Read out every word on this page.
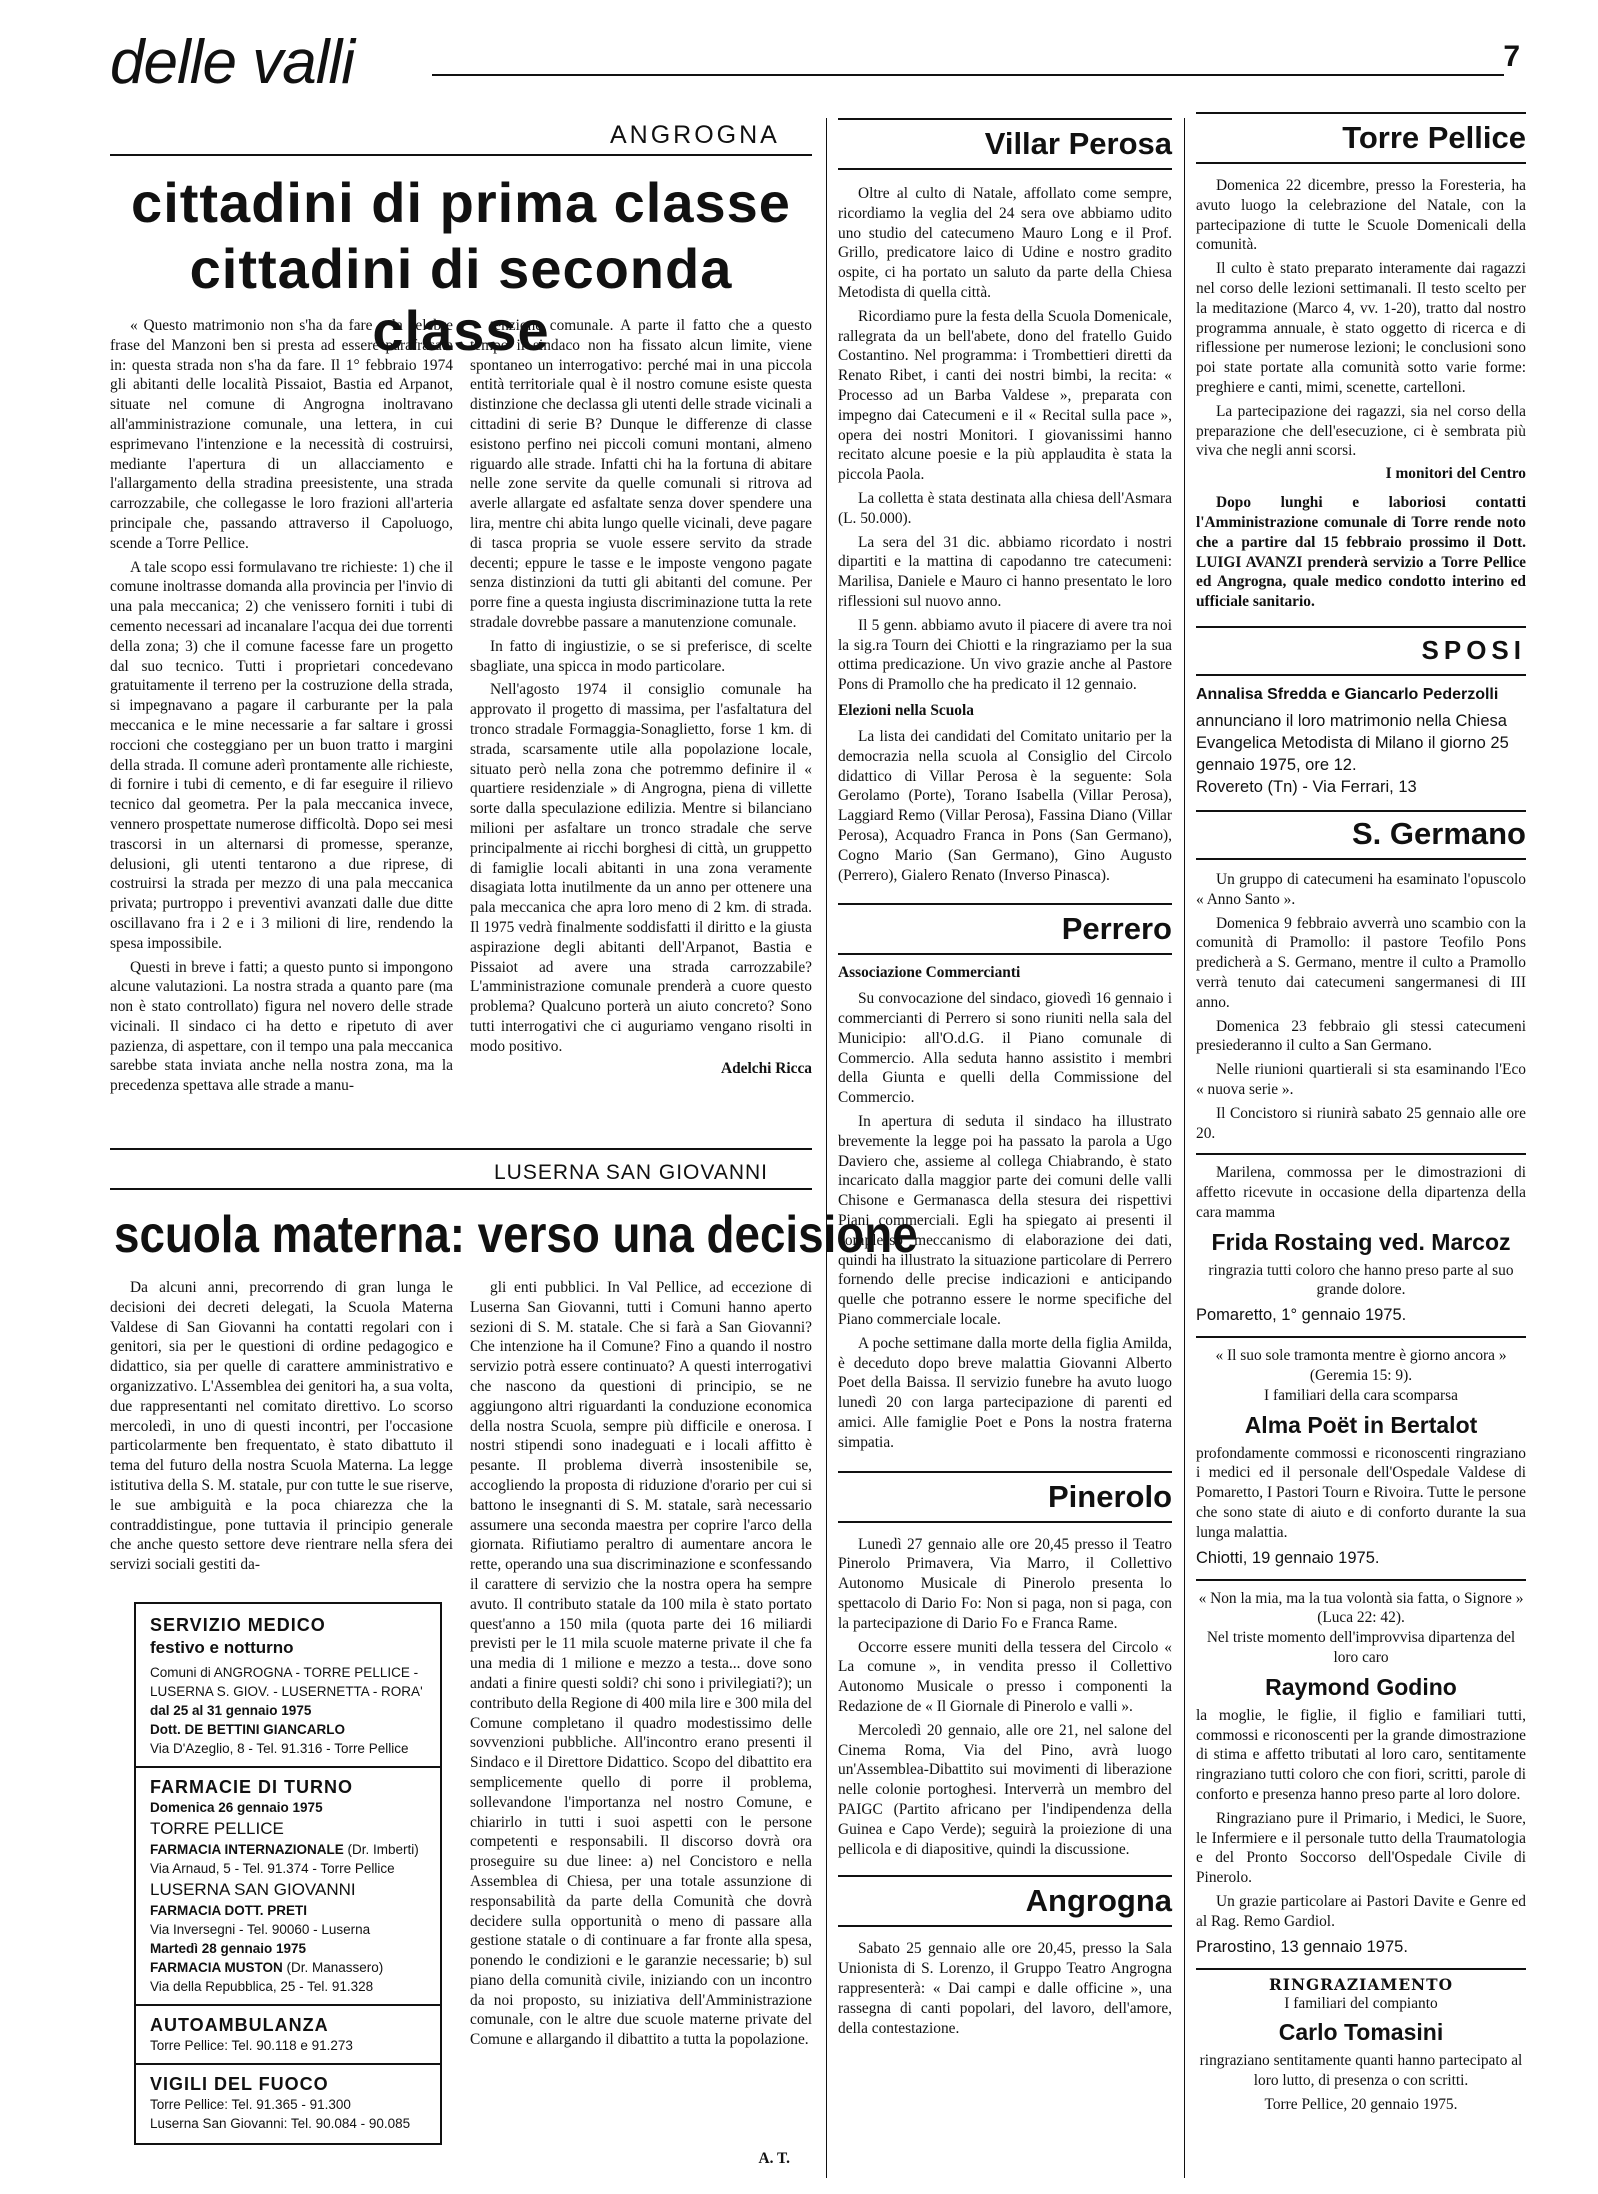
delle valli	7
ANGROGNA
cittadini di prima classe
cittadini di seconda classe

« Questo matrimonio non s'ha da fare » la celebre frase del Manzoni ben si presta ad essere parafrasata in: questa strada non s'ha da fare. Il 1° febbraio 1974 gli abitanti delle località Pissaiot, Bastia ed Arpanot, situate nel comune di Angrogna inoltravano all'amministrazione comunale, una lettera, in cui esprimevano l'intenzione e la necessità di costruirsi, mediante l'apertura di un allacciamento e l'allargamento della stradina preesistente, una strada carrozzabile, che collegasse le loro frazioni all'arteria principale che, passando attraverso il Capoluogo, scende a Torre Pellice.

A tale scopo essi formulavano tre richieste: 1) che il comune inoltrasse domanda alla provincia per l'invio di una pala meccanica; 2) che venissero forniti i tubi di cemento necessari ad incanalare l'acqua dei due torrenti della zona; 3) che il comune facesse fare un progetto dal suo tecnico. Tutti i proprietari concedevano gratuitamente il terreno per la costruzione della strada, si impegnavano a pagare il carburante per la pala meccanica e le mine necessarie a far saltare i grossi roccioni che costeggiano per un buon tratto i margini della strada. Il comune aderì prontamente alle richieste, di fornire i tubi di cemento, e di far eseguire il rilievo tecnico dal geometra. Per la pala meccanica invece, vennero prospettate numerose difficoltà. Dopo sei mesi trascorsi in un alternarsi di promesse, speranze, delusioni, gli utenti tentarono a due riprese, di costruirsi la strada per mezzo di una pala meccanica privata; purtroppo i preventivi avanzati dalle due ditte oscillavano fra i 2 e i 3 milioni di lire, rendendo la spesa impossibile.

Questi in breve i fatti; a questo punto si impongono alcune valutazioni. La nostra strada a quanto pare (ma non è stato controllato) figura nel novero delle strade vicinali. Il sindaco ci ha detto e ripetuto di aver pazienza, di aspettare, con il tempo una pala meccanica sarebbe stata inviata anche nella nostra zona, ma la precedenza spettava alle strade a manu-

tenzione comunale. A parte il fatto che a questo tempo il sindaco non ha fissato alcun limite, viene spontaneo un interrogativo: perché mai in una piccola entità territoriale qual è il nostro comune esiste questa distinzione che declassa gli utenti delle strade vicinali a cittadini di serie B? Dunque le differenze di classe esistono perfino nei piccoli comuni montani, almeno riguardo alle strade. Infatti chi ha la fortuna di abitare nelle zone servite da quelle comunali si ritrova ad averle allargate ed asfaltate senza dover spendere una lira, mentre chi abita lungo quelle vicinali, deve pagare di tasca propria se vuole essere servito da strade decenti; eppure le tasse e le imposte vengono pagate senza distinzioni da tutti gli abitanti del comune. Per porre fine a questa ingiusta discriminazione tutta la rete stradale dovrebbe passare a manutenzione comunale.

In fatto di ingiustizie, o se si preferisce, di scelte sbagliate, una spicca in modo particolare.

Nell'agosto 1974 il consiglio comunale ha approvato il progetto di massima, per l'asfaltatura del tronco stradale Formaggia-Sonaglietto, forse 1 km. di strada, scarsamente utile alla popolazione locale, situato però nella zona che potremmo definire il « quartiere residenziale » di Angrogna, piena di villette sorte dalla speculazione edilizia. Mentre si bilanciano milioni per asfaltare un tronco stradale che serve principalmente ai ricchi borghesi di città, un gruppetto di famiglie locali abitanti in una zona veramente disagiata lotta inutilmente da un anno per ottenere una pala meccanica che apra loro meno di 2 km. di strada. Il 1975 vedrà finalmente soddisfatti il diritto e la giusta aspirazione degli abitanti dell'Arpanot, Bastia e Pissaiot ad avere una strada carrozzabile? L'amministrazione comunale prenderà a cuore questo problema? Qualcuno porterà un aiuto concreto? Sono tutti interrogativi che ci auguriamo vengano risolti in modo positivo.

Adelchi Ricca
LUSERNA SAN GIOVANNI
scuola materna: verso una decisione

Da alcuni anni, precorrendo di gran lunga le decisioni dei decreti delegati, la Scuola Materna Valdese di San Giovanni ha contatti regolari con i genitori, sia per le questioni di ordine pedagogico e didattico, sia per quelle di carattere amministrativo e organizzativo. L'Assemblea dei genitori ha, a sua volta, due rappresentanti nel comitato direttivo. Lo scorso mercoledì, in uno di questi incontri, per l'occasione particolarmente ben frequentato, è stato dibattuto il tema del futuro della nostra Scuola Materna. La legge istitutiva della S. M. statale, pur con tutte le sue riserve, le sue ambiguità e la poca chiarezza che la contraddistingue, pone tuttavia il principio generale che anche questo settore deve rientrare nella sfera dei servizi sociali gestiti da-

gli enti pubblici. In Val Pellice, ad eccezione di Luserna San Giovanni, tutti i Comuni hanno aperto sezioni di S. M. statale. Che si farà a San Giovanni? Che intenzione ha il Comune? Fino a quando il nostro servizio potrà essere continuato? A questi interrogativi che nascono da questioni di principio, se ne aggiungono altri riguardanti la conduzione economica della nostra Scuola, sempre più difficile e onerosa. I nostri stipendi sono inadeguati e i locali affitto è pesante. Il problema diverrà insostenibile se, accogliendo la proposta di riduzione d'orario per cui si battono le insegnanti di S. M. statale, sarà necessario assumere una seconda maestra per coprire l'arco della giornata. Rifiutiamo peraltro di aumentare ancora le rette, operando una sua discriminazione e sconfessando il carattere di servizio che la nostra opera ha sempre avuto. Il contributo statale da 100 mila è stato portato quest'anno a 150 mila (quota parte dei 16 miliardi previsti per le 11 mila scuole materne private il che fa una media di 1 milione e mezzo a testa... dove sono andati a finire questi soldi? chi sono i privilegiati?); un contributo della Regione di 400 mila lire e 300 mila del Comune completano il quadro modestissimo delle sovvenzioni pubbliche. All'incontro erano presenti il Sindaco e il Direttore Didattico. Scopo del dibattito era semplicemente quello di porre il problema, sollevandone l'importanza nel nostro Comune, e chiarirlo in tutti i suoi aspetti con le persone competenti e responsabili. Il discorso dovrà ora proseguire su due linee: a) nel Concistoro e nella Assemblea di Chiesa, per una totale assunzione di responsabilità da parte della Comunità che dovrà decidere sulla opportunità o meno di passare alla gestione statale o di continuare a far fronte alla spesa, ponendo le condizioni e le garanzie necessarie; b) sul piano della comunità civile, iniziando con un incontro da noi proposto, su iniziativa dell'Amministrazione comunale, con le altre due scuole materne private del Comune e allargando il dibattito a tutta la popolazione.

A. T.
SERVIZIO MEDICO
festivo e notturno
Comuni di ANGROGNA - TORRE PELLICE - LUSERNA S. GIOV. - LUSERNETTA - RORA'
dal 25 al 31 gennaio 1975
Dott. DE BETTINI GIANCARLO
Via D'Azeglio, 8 - Tel. 91.316 - Torre Pellice
FARMACIE DI TURNO
Domenica 26 gennaio 1975
TORRE PELLICE
FARMACIA INTERNAZIONALE (Dr. Imberti)
Via Arnaud, 5 - Tel. 91.374 - Torre Pellice
LUSERNA SAN GIOVANNI
FARMACIA DOTT. PRETI
Via Inversegni - Tel. 90060 - Luserna
Martedì 28 gennaio 1975
FARMACIA MUSTON (Dr. Manassero)
Via della Repubblica, 25 - Tel. 91.328
AUTOAMBULANZA
Torre Pellice: Tel. 90.118 e 91.273
VIGILI DEL FUOCO
Torre Pellice: Tel. 91.365 - 91.300
Luserna San Giovanni: Tel. 90.084 - 90.085
Villar Perosa

Oltre al culto di Natale, affollato come sempre, ricordiamo la veglia del 24 sera ove abbiamo udito uno studio del catecumeno Mauro Long e il Prof. Grillo, predicatore laico di Udine e nostro gradito ospite, ci ha portato un saluto da parte della Chiesa Metodista di quella città.

Ricordiamo pure la festa della Scuola Domenicale, rallegrata da un bell'abete, dono del fratello Guido Costantino. Nel programma: i Trombettieri diretti da Renato Ribet, i canti dei nostri bimbi, la recita: « Processo ad un Barba Valdese », preparata con impegno dai Catecumeni e il « Recital sulla pace », opera dei nostri Monitori. I giovanissimi hanno recitato alcune poesie e la più applaudita è stata la piccola Paola.

La colletta è stata destinata alla chiesa dell'Asmara (L. 50.000).

La sera del 31 dic. abbiamo ricordato i nostri dipartiti e la mattina di capodanno tre catecumeni: Marilisa, Daniele e Mauro ci hanno presentato le loro riflessioni sul nuovo anno.

Il 5 genn. abbiamo avuto il piacere di avere tra noi la sig.ra Tourn dei Chiotti e la ringraziamo per la sua ottima predicazione. Un vivo grazie anche al Pastore Pons di Pramollo che ha predicato il 12 gennaio.

Elezioni nella Scuola

La lista dei candidati del Comitato unitario per la democrazia nella scuola al Consiglio del Circolo didattico di Villar Perosa è la seguente: Sola Gerolamo (Porte), Torano Isabella (Villar Perosa), Laggiard Remo (Villar Perosa), Fassina Diano (Villar Perosa), Acquadro Franca in Pons (San Germano), Cogno Mario (San Germano), Gino Augusto (Perrero), Gialero Renato (Inverso Pinasca).

Perrero
Associazione Commercianti

Su convocazione del sindaco, giovedì 16 gennaio i commercianti di Perrero si sono riuniti nella sala del Municipio: all'O.d.G. il Piano comunale di Commercio. Alla seduta hanno assistito i membri della Giunta e quelli della Commissione del Commercio.

In apertura di seduta il sindaco ha illustrato brevemente la legge poi ha passato la parola a Ugo Daviero che, assieme al collega Chiabrando, è stato incaricato dalla maggior parte dei comuni delle valli Chisone e Germanasca della stesura dei rispettivi Piani commerciali. Egli ha spiegato ai presenti il complesso meccanismo di elaborazione dei dati, quindi ha illustrato la situazione particolare di Perrero fornendo delle precise indicazioni e anticipando quelle che potranno essere le norme specifiche del Piano commerciale locale.

A poche settimane dalla morte della figlia Amilda, è deceduto dopo breve malattia Giovanni Alberto Poet della Baissa. Il servizio funebre ha avuto luogo lunedì 20 con larga partecipazione di parenti ed amici. Alle famiglie Poet e Pons la nostra fraterna simpatia.

Pinerolo

Lunedì 27 gennaio alle ore 20,45 presso il Teatro Pinerolo Primavera, Via Marro, il Collettivo Autonomo Musicale di Pinerolo presenta lo spettacolo di Dario Fo: Non si paga, non si paga, con la partecipazione di Dario Fo e Franca Rame.

Occorre essere muniti della tessera del Circolo « La comune », in vendita presso il Collettivo Autonomo Musicale o presso i componenti la Redazione de « Il Giornale di Pinerolo e valli ».

Mercoledì 20 gennaio, alle ore 21, nel salone del Cinema Roma, Via del Pino, avrà luogo un'Assemblea-Dibattito sui movimenti di liberazione nelle colonie portoghesi. Interverrà un membro del PAIGC (Partito africano per l'indipendenza della Guinea e Capo Verde); seguirà la proiezione di una pellicola e di diapositive, quindi la discussione.

Angrogna

Sabato 25 gennaio alle ore 20,45, presso la Sala Unionista di S. Lorenzo, il Gruppo Teatro Angrogna rappresenterà: « Dai campi e dalle officine », una rassegna di canti popolari, del lavoro, dell'amore, della contestazione.

Torre Pellice

Domenica 22 dicembre, presso la Foresteria, ha avuto luogo la celebrazione del Natale, con la partecipazione di tutte le Scuole Domenicali della comunità.

Il culto è stato preparato interamente dai ragazzi nel corso delle lezioni settimanali. Il testo scelto per la meditazione (Marco 4, vv. 1-20), tratto dal nostro programma annuale, è stato oggetto di ricerca e di riflessione per numerose lezioni; le conclusioni sono poi state portate alla comunità sotto varie forme: preghiere e canti, mimi, scenette, cartelloni.

La partecipazione dei ragazzi, sia nel corso della preparazione che dell'esecuzione, ci è sembrata più viva che negli anni scorsi.

I monitori del Centro

Dopo lunghi e laboriosi contatti l'Amministrazione comunale di Torre rende noto che a partire dal 15 febbraio prossimo il Dott. LUIGI AVANZI prenderà servizio a Torre Pellice ed Angrogna, quale medico condotto interino ed ufficiale sanitario.

SPOSI
Annalisa Sfredda e Giancarlo Pederzolli
annunciano il loro matrimonio nella Chiesa Evangelica Metodista di Milano il giorno 25 gennaio 1975, ore 12.
Rovereto (Tn) - Via Ferrari, 13
S. Germano

Un gruppo di catecumeni ha esaminato l'opuscolo « Anno Santo ».

Domenica 9 febbraio avverrà uno scambio con la comunità di Pramollo: il pastore Teofilo Pons predicherà a S. Germano, mentre il culto a Pramollo verrà tenuto dai catecumeni sangermanesi di III anno.

Domenica 23 febbraio gli stessi catecumeni presiederanno il culto a San Germano.

Nelle riunioni quartierali si sta esaminando l'Eco « nuova serie ».

Il Concistoro si riunirà sabato 25 gennaio alle ore 20.

Marilena, commossa per le dimostrazioni di affetto ricevute in occasione della dipartenza della cara mamma

Frida Rostaing ved. Marcoz
ringrazia tutti coloro che hanno preso parte al suo grande dolore.
Pomaretto, 1° gennaio 1975.
« Il suo sole tramonta mentre è giorno ancora » (Geremia 15: 9).
I familiari della cara scomparsa
Alma Poët in Bertalot

profondamente commossi e riconoscenti ringraziano i medici ed il personale dell'Ospedale Valdese di Pomaretto, I Pastori Tourn e Rivoira. Tutte le persone che sono state di aiuto e di conforto durante la sua lunga malattia.

Chiotti, 19 gennaio 1975.
« Non la mia, ma la tua volontà sia fatta, o Signore » (Luca 22: 42).
Nel triste momento dell'improvvisa dipartenza del loro caro
Raymond Godino

la moglie, le figlie, il figlio e familiari tutti, commossi e riconoscenti per la grande dimostrazione di stima e affetto tributati al loro caro, sentitamente ringraziano tutti coloro che con fiori, scritti, parole di conforto e presenza hanno preso parte al loro dolore.

Ringraziano pure il Primario, i Medici, le Suore, le Infermiere e il personale tutto della Traumatologia e del Pronto Soccorso dell'Ospedale Civile di Pinerolo.

Un grazie particolare ai Pastori Davite e Genre ed al Rag. Remo Gardiol.

Prarostino, 13 gennaio 1975.
RINGRAZIAMENTO
I familiari del compianto
Carlo Tomasini
ringraziano sentitamente quanti hanno partecipato al loro lutto, di presenza o con scritti.
Torre Pellice, 20 gennaio 1975.
